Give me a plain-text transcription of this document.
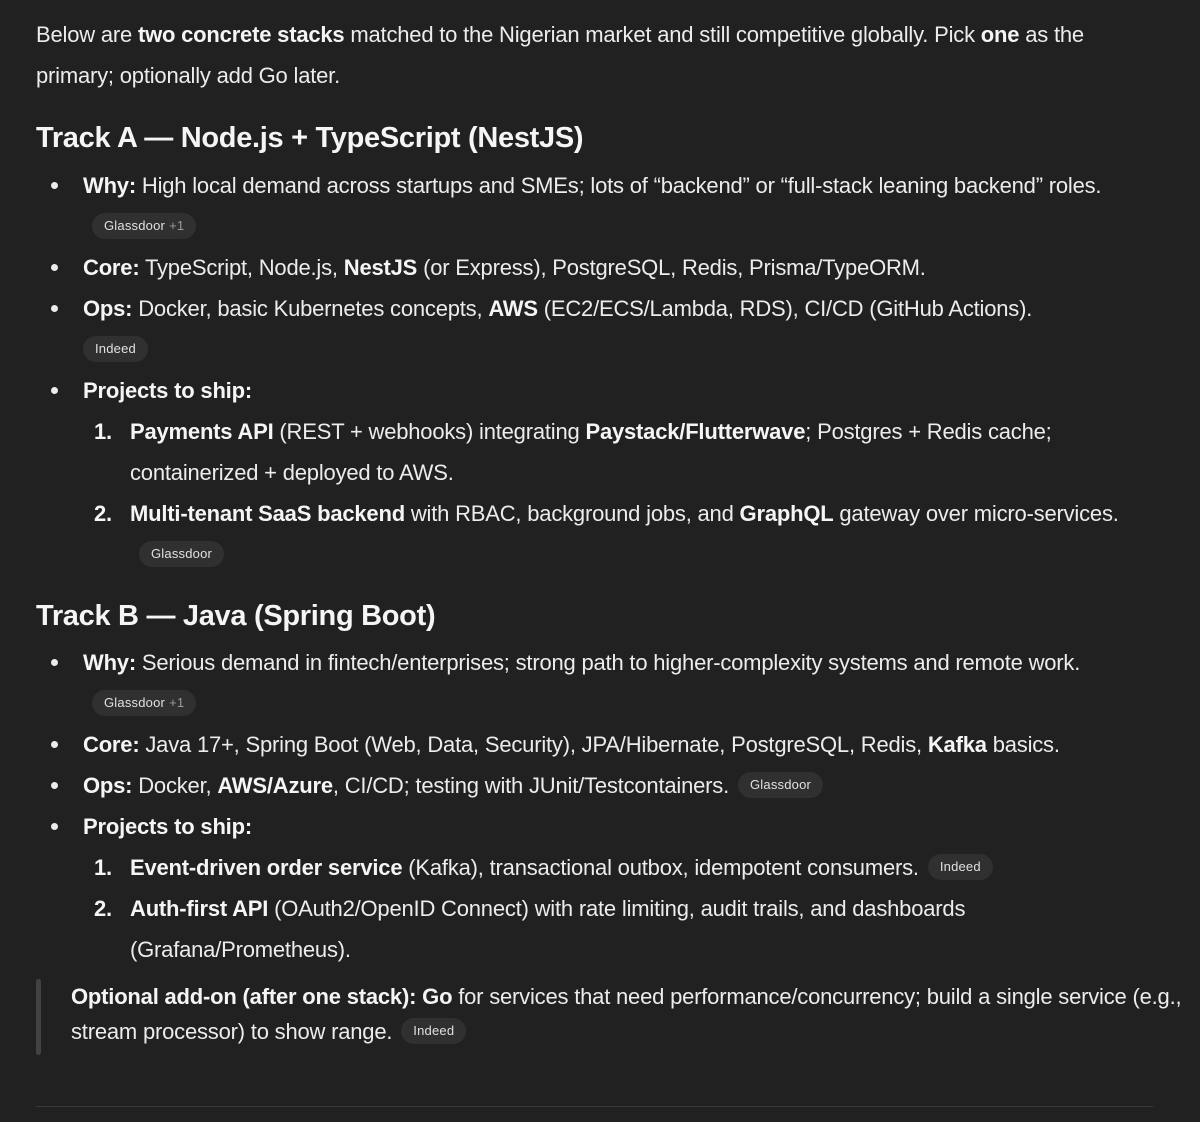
Below are two concrete stacks matched to the Nigerian market and still competitive globally. Pick one as the primary; optionally add Go later.

Track A — Node.js + TypeScript (NestJS)
Why: High local demand across startups and SMEs; lots of “backend” or “full-stack leaning backend” roles.Glassdoor +1
Core: TypeScript, Node.js, NestJS (or Express), PostgreSQL, Redis, Prisma/TypeORM.
Ops: Docker, basic Kubernetes concepts, AWS (EC2/ECS/Lambda, RDS), CI/CD (GitHub Actions).
Indeed
Projects to ship:
1. Payments API (REST + webhooks) integrating Paystack/Flutterwave; Postgres + Redis cache; containerized + deployed to AWS.
2. Multi-tenant SaaS backend with RBAC, background jobs, and GraphQL gateway over micro-services.Glassdoor
Track B — Java (Spring Boot)
Why: Serious demand in fintech/enterprises; strong path to higher-complexity systems and remote work.Glassdoor +1
Core: Java 17+, Spring Boot (Web, Data, Security), JPA/Hibernate, PostgreSQL, Redis, Kafka basics.
Ops: Docker, AWS/Azure, CI/CD; testing with JUnit/Testcontainers. Glassdoor
Projects to ship:
1. Event-driven order service (Kafka), transactional outbox, idempotent consumers. Indeed
2. Auth-first API (OAuth2/OpenID Connect) with rate limiting, audit trails, and dashboards (Grafana/Prometheus).
Optional add-on (after one stack): Go for services that need performance/concurrency; build a single service (e.g., stream processor) to show range. Indeed
